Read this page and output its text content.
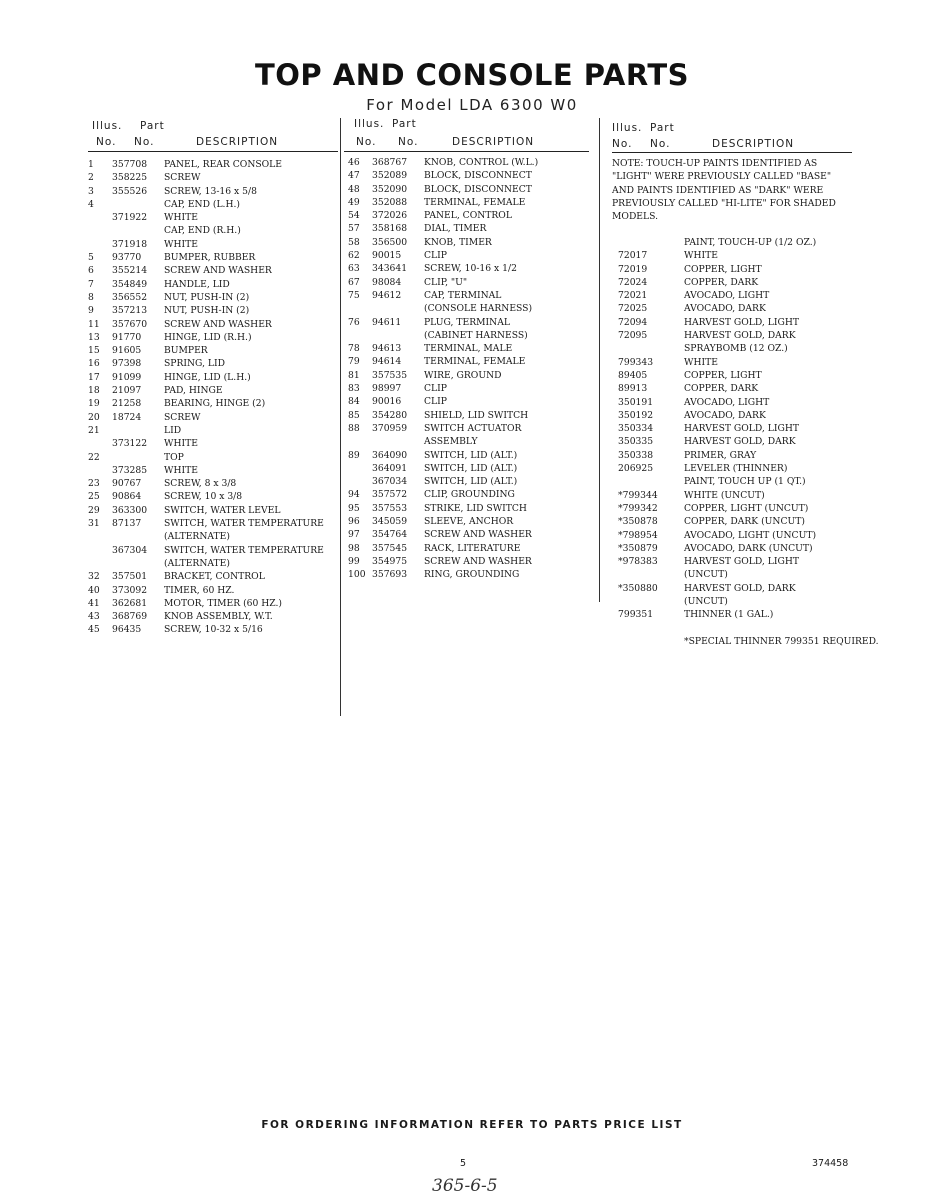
TOP AND CONSOLE PARTS
For Model LDA 6300 W0
Illus. Part
No. No.	DESCRIPTION
1 357708 PANEL, REAR CONSOLE
2 358225 SCREW
3 355526 SCREW, 13-16 x 5/8
4	CAP, END (L.H.)
371922 WHITE
CAP, END (R.H.)
371918 WHITE
5 93770 BUMPER, RUBBER
6 355214 SCREW AND WASHER
7 354849 HANDLE, LID
8 356552 NUT, PUSH-IN (2)
9 357213 NUT, PUSH-IN (2)
11 357670 SCREW AND WASHER
13 91770 HINGE, LID (R.H.)
15 91605 BUMPER
16 97398 SPRING, LID
17 91099 HINGE, LID (L.H.)
18 21097 PAD, HINGE
19 21258 BEARING, HINGE (2)
20 18724 SCREW
21	LID
373122 WHITE
22	TOP
373285 WHITE
23 90767 SCREW, 8 x 3/8
25 90864 SCREW, 10 x 3/8
29 363300 SWITCH, WATER LEVEL
31 87137 SWITCH, WATER TEMPERATURE
(ALTERNATE)
367304 SWITCH, WATER TEMPERATURE
(ALTERNATE)
32 357501 BRACKET, CONTROL
40 373092 TIMER, 60 HZ.
41 362681 MOTOR, TIMER (60 HZ.)
43 368769 KNOB ASSEMBLY, W.T.
45 96435 SCREW, 10-32 x 5/16
Illus. Part
No. No.	DESCRIPTION
46 368767 KNOB, CONTROL (W.L.)
47 352089 BLOCK, DISCONNECT
48 352090 BLOCK, DISCONNECT
49 352088 TERMINAL, FEMALE
54 372026 PANEL, CONTROL
57 358168 DIAL, TIMER
58 356500 KNOB, TIMER
62 90015 CLIP
63 343641 SCREW, 10-16 x 1/2
67 98084 CLIP, "U"
75 94612 CAP, TERMINAL
(CONSOLE HARNESS)
76 94611 PLUG, TERMINAL
(CABINET HARNESS)
78 94613 TERMINAL, MALE
79 94614 TERMINAL, FEMALE
81 357535 WIRE, GROUND
83 98997 CLIP
84 90016 CLIP
85 354280 SHIELD, LID SWITCH
88 370959 SWITCH ACTUATOR
ASSEMBLY
89 364090 SWITCH, LID (ALT.)
364091 SWITCH, LID (ALT.)
367034 SWITCH, LID (ALT.)
94 357572 CLIP, GROUNDING
95 357553 STRIKE, LID SWITCH
96 345059 SLEEVE, ANCHOR
97 354764 SCREW AND WASHER
98 357545 RACK, LITERATURE
99 354975 SCREW AND WASHER
100 357693 RING, GROUNDING
Illus. Part
No. No.	DESCRIPTION
NOTE: TOUCH-UP PAINTS IDENTIFIED AS "LIGHT" WERE PREVIOUSLY CALLED "BASE" AND PAINTS IDENTIFIED AS "DARK" WERE PREVIOUSLY CALLED "HI-LITE" FOR SHADED MODELS.
PAINT, TOUCH-UP (1/2 OZ.)
72017	WHITE
72019	COPPER, LIGHT
72024	COPPER, DARK
72021	AVOCADO, LIGHT
72025	AVOCADO, DARK
72094	HARVEST GOLD, LIGHT
72095	HARVEST GOLD, DARK
SPRAYBOMB (12 OZ.)
799343	WHITE
89405	COPPER, LIGHT
89913	COPPER, DARK
350191	AVOCADO, LIGHT
350192	AVOCADO, DARK
350334	HARVEST GOLD, LIGHT
350335	HARVEST GOLD, DARK
350338	PRIMER, GRAY
206925	LEVELER (THINNER)
PAINT, TOUCH UP (1 QT.)
*799344	WHITE (UNCUT)
*799342	COPPER, LIGHT (UNCUT)
*350878	COPPER, DARK (UNCUT)
*798954	AVOCADO, LIGHT (UNCUT)
*350879	AVOCADO, DARK (UNCUT)
*978383	HARVEST GOLD, LIGHT
(UNCUT)
*350880	HARVEST GOLD, DARK
(UNCUT)
799351	THINNER (1 GAL.)
*SPECIAL THINNER 799351 REQUIRED.
FOR ORDERING INFORMATION REFER TO PARTS PRICE LIST
5	374458
365-6-5
